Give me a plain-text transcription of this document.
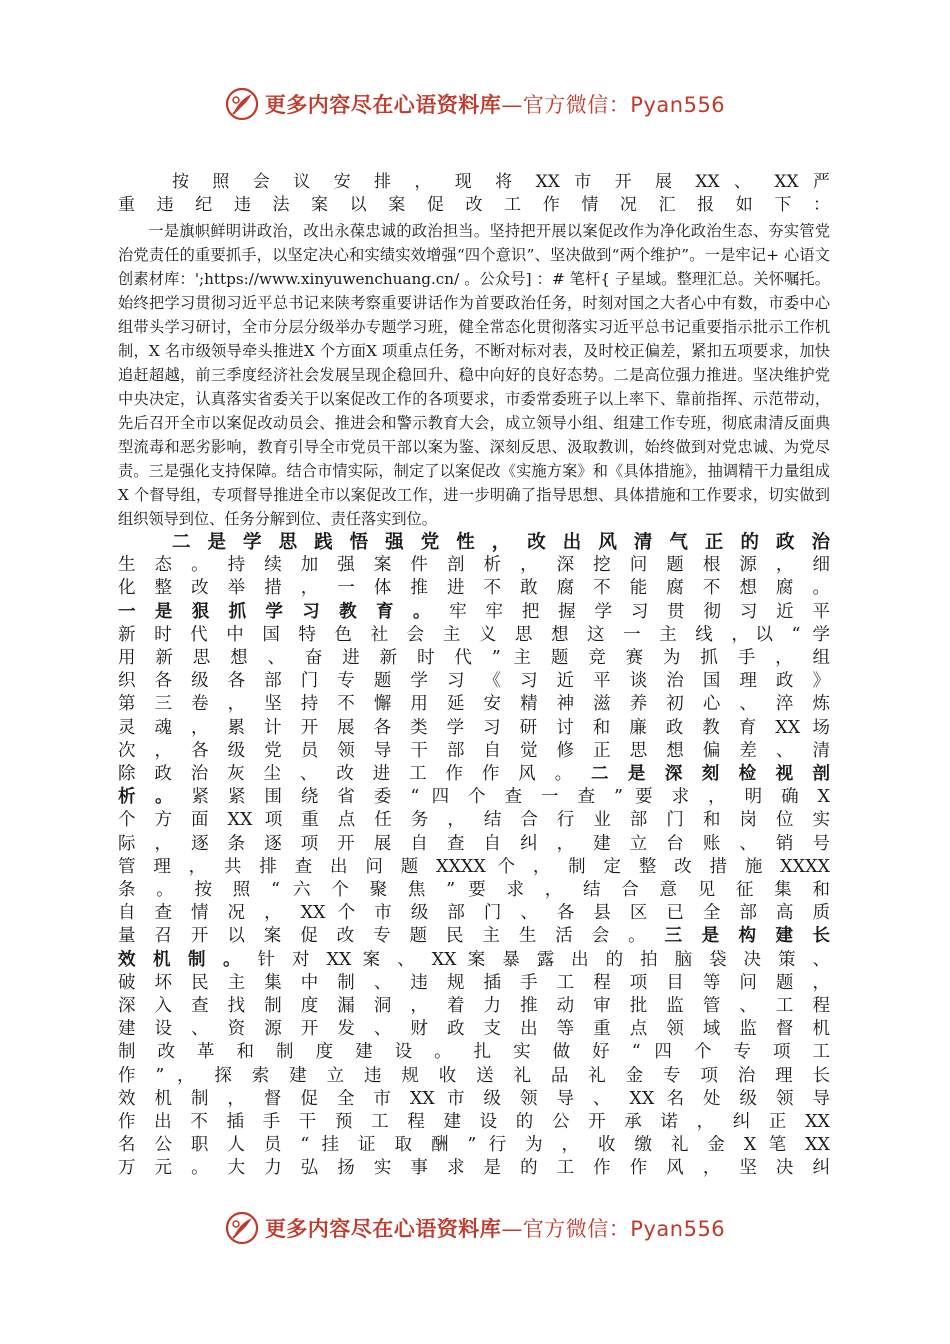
更多内容尽在心语资料库—官方微信：Pyan556

按 照 会 议 安 排 ， 现 将 XX 市 开 展 XX 、 XX 严

重 违 纪 违 法 案 以 案 促 改 工 作 情 况 汇 报 如 下 ：

一是旗帜鲜明讲政治，改出永葆忠诚的政治担当。坚持把开展以案促改作为净化政治生态、夯实管党治党责任的重要抓手，以坚定决心和实绩实效增强“四个意识”、坚决做到“两个维护”。一是牢记+ 心语文创素材库：';https://www.xinyuwenchuang.cn/ 。公众号] ：# 笔杆{ 子星域。整理汇总。关怀嘱托。始终把学习贯彻习近平总书记来陕考察重要讲话作为首要政治任务，时刻对国之大者心中有数，市委中心组带头学习研讨，全市分层分级举办专题学习班，健全常态化贯彻落实习近平总书记重要指示批示工作机制，X 名市级领导牵头推进X 个方面X 项重点任务，不断对标对表，及时校正偏差，紧扣五项要求，加快追赶超越，前三季度经济社会发展呈现企稳回升、稳中向好的良好态势。二是高位强力推进。坚决维护党中央决定，认真落实省委关于以案促改工作的各项要求，市委常委班子以上率下、靠前指挥、示范带动，先后召开全市以案促改动员会、推进会和警示教育大会，成立领导小组、组建工作专班，彻底肃清反面典型流毒和恶劣影响，教育引导全市党员干部以案为鉴、深刻反思、汲取教训，始终做到对党忠诚、为党尽责。三是强化支持保障。结合市情实际，制定了以案促改《实施方案》和《具体措施》，抽调精干力量组成X 个督导组，专项督导推进全市以案促改工作，进一步明确了指导思想、具体措施和工作要求，切实做到组织领导到位、任务分解到位、责任落实到位。

二 是 学 思 践 悟 强 党 性 ， 改 出 风 清 气 正 的 政 治

生 态 。 持 续 加 强 案 件 剖 析 ， 深 挖 问 题 根 源 ， 细

化 整 改 举 措 ， 一 体 推 进 不 敢 腐 不 能 腐 不 想 腐 。

一 是 狠 抓 学 习 教 育 。 牢 牢 把 握 学 习 贯 彻 习 近 平

新 时 代 中 国 特 色 社 会 主 义 思 想 这 一 主 线 ，以 “ 学

用 新 思 想 、 奋 进 新 时 代 ” 主 题 竞 赛 为 抓 手 ， 组

织 各 级 各 部 门 专 题 学 习 《 习 近 平 谈 治 国 理 政 》

第 三 卷 ， 坚 持 不 懈 用 延 安 精 神 滋 养 初 心 、 淬 炼

灵 魂 ， 累 计 开 展 各 类 学 习 研 讨 和 廉 政 教 育 XX 场

次 ， 各 级 党 员 领 导 干 部 自 觉 修 正 思 想 偏 差 、 清

除 政 治 灰 尘 、 改 进 工 作 作 风 。 二 是 深 刻 检 视 剖

析 。 紧 紧 围 绕 省 委 “ 四 个 查 一 查 ” 要 求 ， 明 确 X

个 方 面 XX 项 重 点 任 务 ， 结 合 行 业 部 门 和 岗 位 实

际 ， 逐 条 逐 项 开 展 自 查 自 纠 ， 建 立 台 账 、 销 号

管 理 ， 共 排 查 出 问 题 XXXX 个 ， 制 定 整 改 措 施 XXXX

条 。 按 照 “ 六 个 聚 焦 ” 要 求 ， 结 合 意 见 征 集 和

自 查 情 况 ， XX 个 市 级 部 门 、 各 县 区 已 全 部 高 质

量 召 开 以 案 促 改 专 题 民 主 生 活 会 。 三 是 构 建 长

效 机 制 。 针 对 XX 案 、 XX 案 暴 露 出 的 拍 脑 袋 决 策 、

破 坏 民 主 集 中 制 、 违 规 插 手 工 程 项 目 等 问 题 ，

深 入 查 找 制 度 漏 洞 ， 着 力 推 动 审 批 监 管 、 工 程

建 设 、 资 源 开 发 、 财 政 支 出 等 重 点 领 域 监 督 机

制 改 革 和 制 度 建 设 。 扎 实 做 好 “ 四 个 专 项 工

作 ” ， 探 索 建 立 违 规 收 送 礼 品 礼 金 专 项 治 理 长

效 机 制 ， 督 促 全 市 XX 市 级 领 导 、 XX 名 处 级 领 导

作 出 不 插 手 干 预 工 程 建 设 的 公 开 承 诺 ， 纠 正 XX

名 公 职 人 员 “ 挂 证 取 酬 ” 行 为 ， 收 缴 礼 金 X 笔 XX

万 元 。 大 力 弘 扬 实 事 求 是 的 工 作 作 风 ， 坚 决 纠

更多内容尽在心语资料库—官方微信：Pyan556
